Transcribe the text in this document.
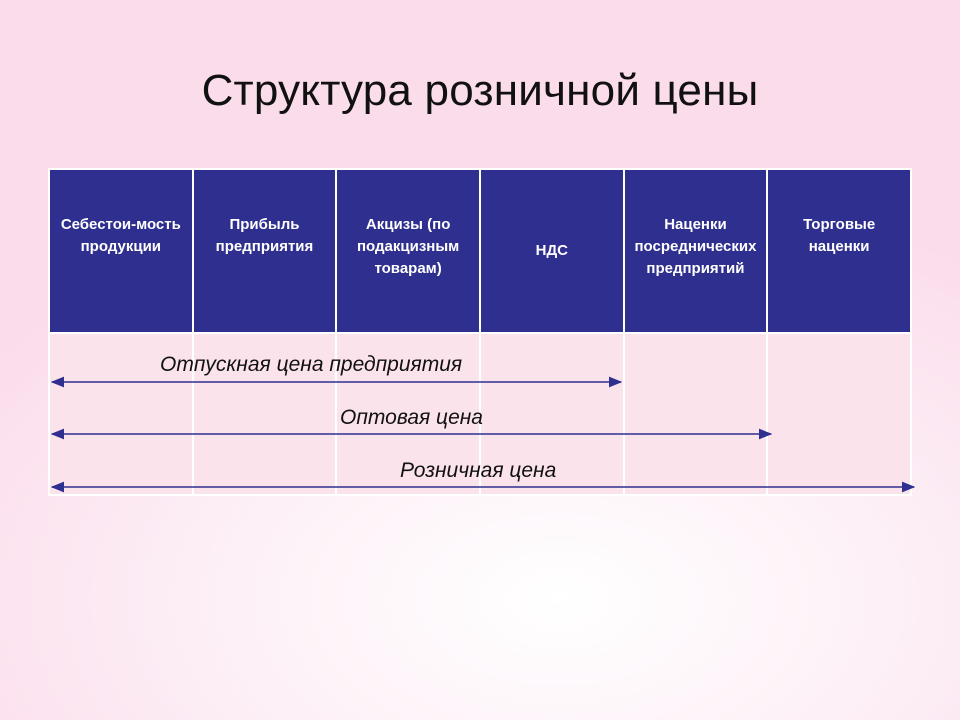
Структура розничной цены
Себестои-мость продукции	Прибыль предприятия	Акцизы (по подакцизным товарам)	НДС	Наценки посреднических предприятий	Торговые наценки

Отпускная цена предприятия
Оптовая цена
Розничная цена
